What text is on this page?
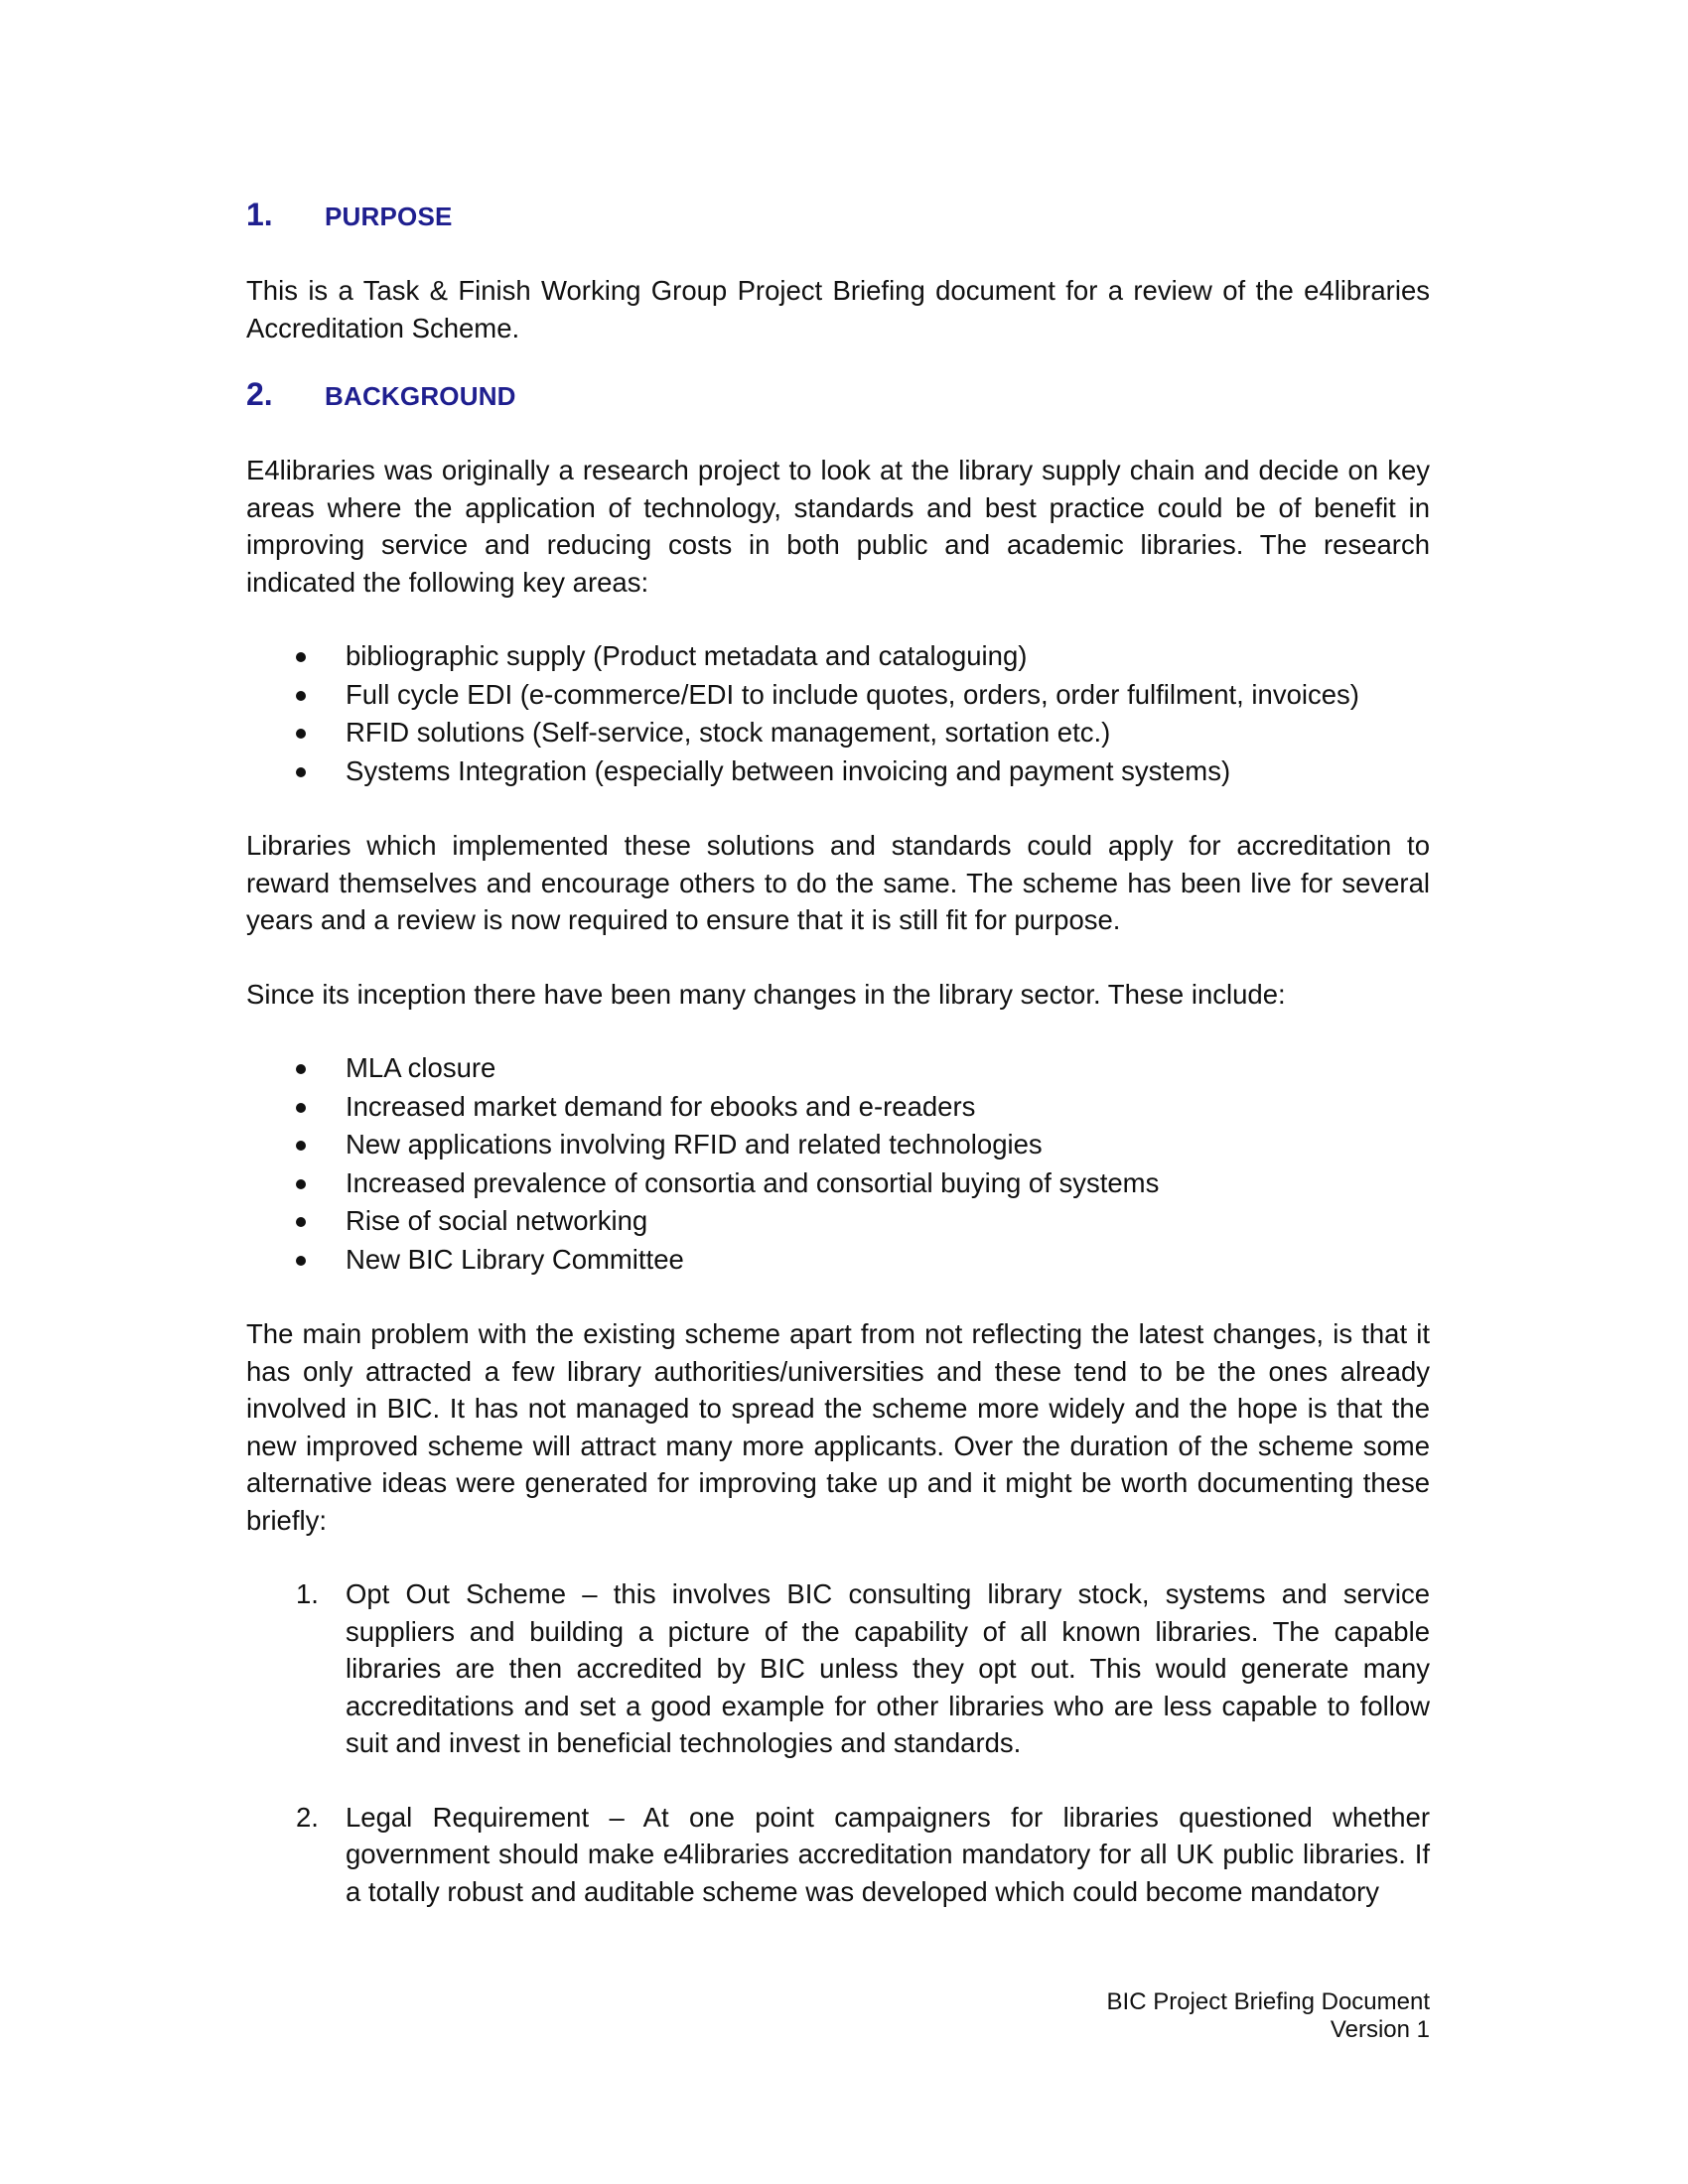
1.	PURPOSE

This is a Task & Finish Working Group Project Briefing document for a review of the e4libraries Accreditation Scheme.

2.	BACKGROUND

E4libraries was originally a research project to look at the library supply chain and decide on key areas where the application of technology, standards and best practice could be of benefit in improving service and reducing costs in both public and academic libraries. The research indicated the following key areas:

bibliographic supply (Product metadata and cataloguing)
Full cycle EDI (e-commerce/EDI to include quotes, orders, order fulfilment, invoices)
RFID solutions (Self-service, stock management, sortation etc.)
Systems Integration (especially between invoicing and payment systems)

Libraries which implemented these solutions and standards could apply for accreditation to reward themselves and encourage others to do the same. The scheme has been live for several years and a review is now required to ensure that it is still fit for purpose.

Since its inception there have been many changes in the library sector. These include:

MLA closure
Increased market demand for ebooks and e-readers
New applications involving RFID and related technologies
Increased prevalence of consortia and consortial buying of systems
Rise of social networking
New BIC Library Committee

The main problem with the existing scheme apart from not reflecting the latest changes, is that it has only attracted a few library authorities/universities and these tend to be the ones already involved in BIC. It has not managed to spread the scheme more widely and the hope is that the new improved scheme will attract many more applicants. Over the duration of the scheme some alternative ideas were generated for improving take up and it might be worth documenting these briefly:

1. Opt Out Scheme – this involves BIC consulting library stock, systems and service suppliers and building a picture of the capability of all known libraries. The capable libraries are then accredited by BIC unless they opt out. This would generate many accreditations and set a good example for other libraries who are less capable to follow suit and invest in beneficial technologies and standards.
2. Legal Requirement – At one point campaigners for libraries questioned whether government should make e4libraries accreditation mandatory for all UK public libraries. If a totally robust and auditable scheme was developed which could become mandatory
BIC Project Briefing Document
Version 1
